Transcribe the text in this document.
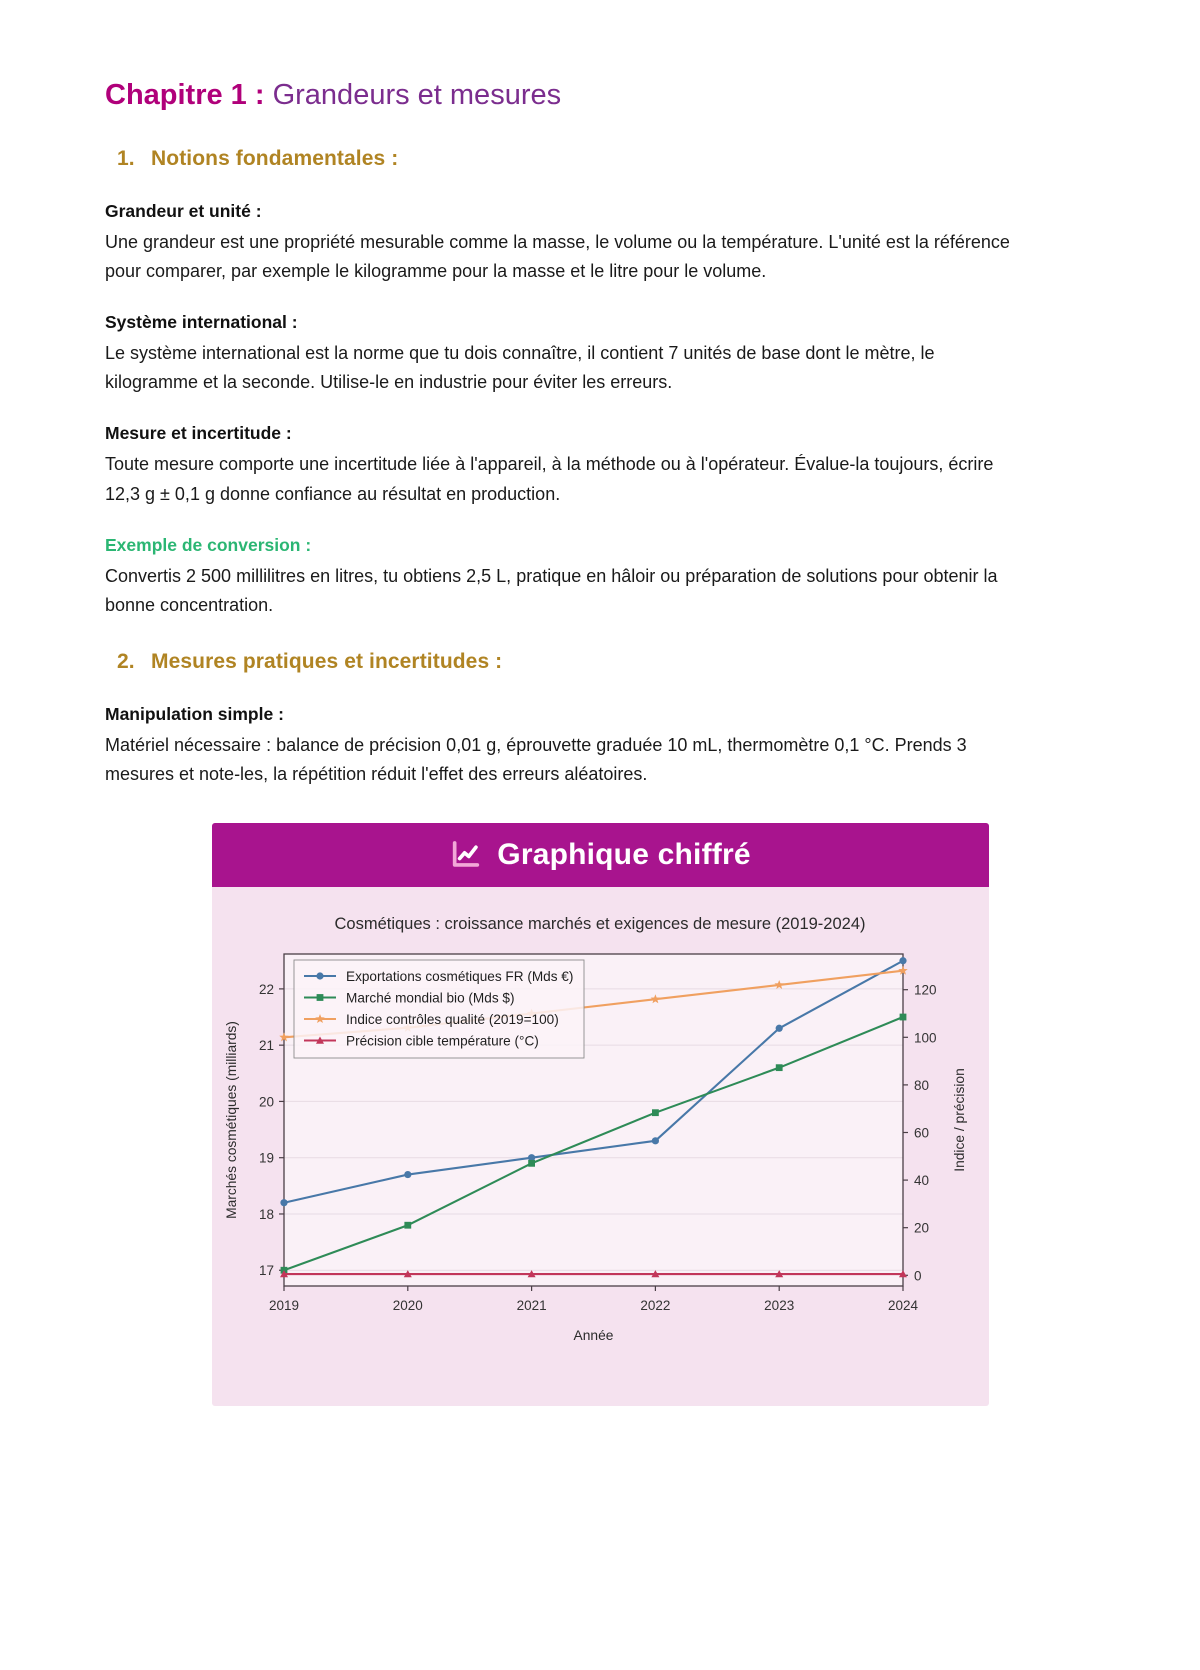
Chapitre 1 : Grandeurs et mesures
1. Notions fondamentales :
Grandeur et unité :

Une grandeur est une propriété mesurable comme la masse, le volume ou la température. L'unité est la référence pour comparer, par exemple le kilogramme pour la masse et le litre pour le volume.

Système international :

Le système international est la norme que tu dois connaître, il contient 7 unités de base dont le mètre, le kilogramme et la seconde. Utilise-le en industrie pour éviter les erreurs.

Mesure et incertitude :

Toute mesure comporte une incertitude liée à l'appareil, à la méthode ou à l'opérateur. Évalue-la toujours, écrire 12,3 g ± 0,1 g donne confiance au résultat en production.

Exemple de conversion :

Convertis 2 500 millilitres en litres, tu obtiens 2,5 L, pratique en hâloir ou préparation de solutions pour obtenir la bonne concentration.

2. Mesures pratiques et incertitudes :
Manipulation simple :

Matériel nécessaire : balance de précision 0,01 g, éprouvette graduée 10 mL, thermomètre 0,1 °C. Prends 3 mesures et note-les, la répétition réduit l'effet des erreurs aléatoires.

Graphique chiffré
Cosmétiques : croissance marchés et exigences de mesure (2019-2024)
17
18
19
20
21
22
0
20
40
60
80
100
120
2019	2020	2021	2022	2023	2024
Année
Marchés cosmétiques (milliards)	Indice / précision
Exportations cosmétiques FR (Mds €)
Marché mondial bio (Mds $)
Indice contrôles qualité (2019=100)
Précision cible température (°C)
